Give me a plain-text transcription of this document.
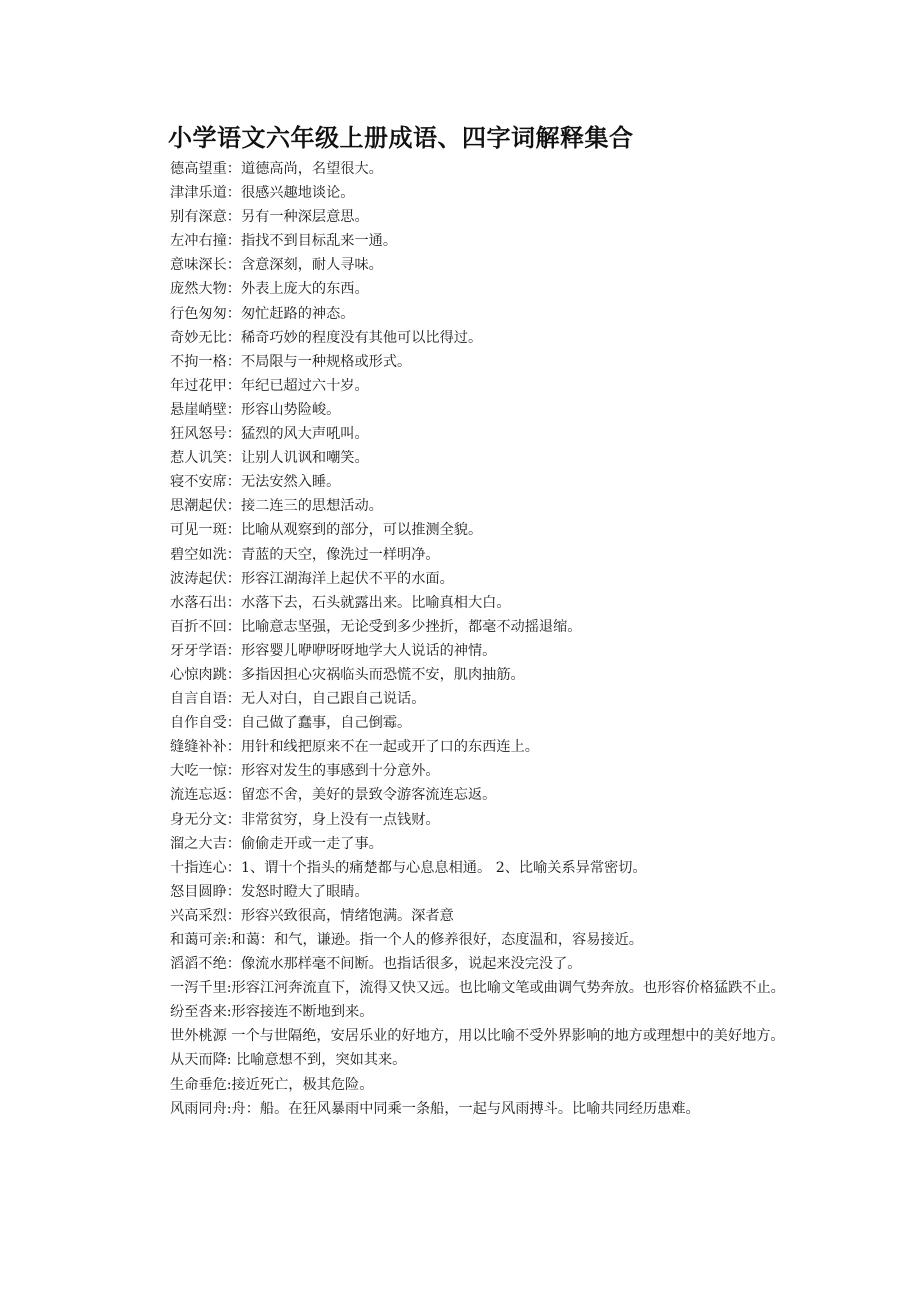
小学语文六年级上册成语、四字词解释集合
德高望重：道德高尚，名望很大。
津津乐道：很感兴趣地谈论。
别有深意：另有一种深层意思。
左冲右撞：指找不到目标乱来一通。
意味深长：含意深刻，耐人寻味。
庞然大物：外表上庞大的东西。
行色匆匆：匆忙赶路的神态。
奇妙无比：稀奇巧妙的程度没有其他可以比得过。
不拘一格：不局限与一种规格或形式。
年过花甲：年纪已超过六十岁。
悬崖峭壁：形容山势险峻。
狂风怒号：猛烈的风大声吼叫。
惹人讥笑：让别人讥讽和嘲笑。
寝不安席：无法安然入睡。
思潮起伏：接二连三的思想活动。
可见一斑：比喻从观察到的部分，可以推测全貌。
碧空如洗：青蓝的天空，像洗过一样明净。
波涛起伏：形容江湖海洋上起伏不平的水面。
水落石出：水落下去，石头就露出来。比喻真相大白。
百折不回：比喻意志坚强，无论受到多少挫折，都毫不动摇退缩。
牙牙学语：形容婴儿咿咿呀呀地学大人说话的神情。
心惊肉跳：多指因担心灾祸临头而恐慌不安，肌肉抽筋。
自言自语：无人对白，自己跟自己说话。
自作自受：自己做了蠢事，自己倒霉。
缝缝补补：用针和线把原来不在一起或开了口的东西连上。
大吃一惊：形容对发生的事感到十分意外。
流连忘返：留恋不舍，美好的景致令游客流连忘返。
身无分文：非常贫穷，身上没有一点钱财。
溜之大吉：偷偷走开或一走了事。
十指连心：1、谓十个指头的痛楚都与心息息相通。 2、比喻关系异常密切。
怒目圆睁：发怒时瞪大了眼睛。
兴高采烈：形容兴致很高，情绪饱满。深者意
和蔼可亲:和蔼：和气，谦逊。指一个人的修养很好，态度温和，容易接近。
滔滔不绝：像流水那样毫不间断。也指话很多，说起来没完没了。
一泻千里:形容江河奔流直下，流得又快又远。也比喻文笔或曲调气势奔放。也形容价格猛跌不止。
纷至沓来:形容接连不断地到来。
世外桃源 一个与世隔绝，安居乐业的好地方，用以比喻不受外界影响的地方或理想中的美好地方。
从天而降: 比喻意想不到，突如其来。
生命垂危:接近死亡，极其危险。
风雨同舟:舟：船。在狂风暴雨中同乘一条船，一起与风雨搏斗。比喻共同经历患难。
